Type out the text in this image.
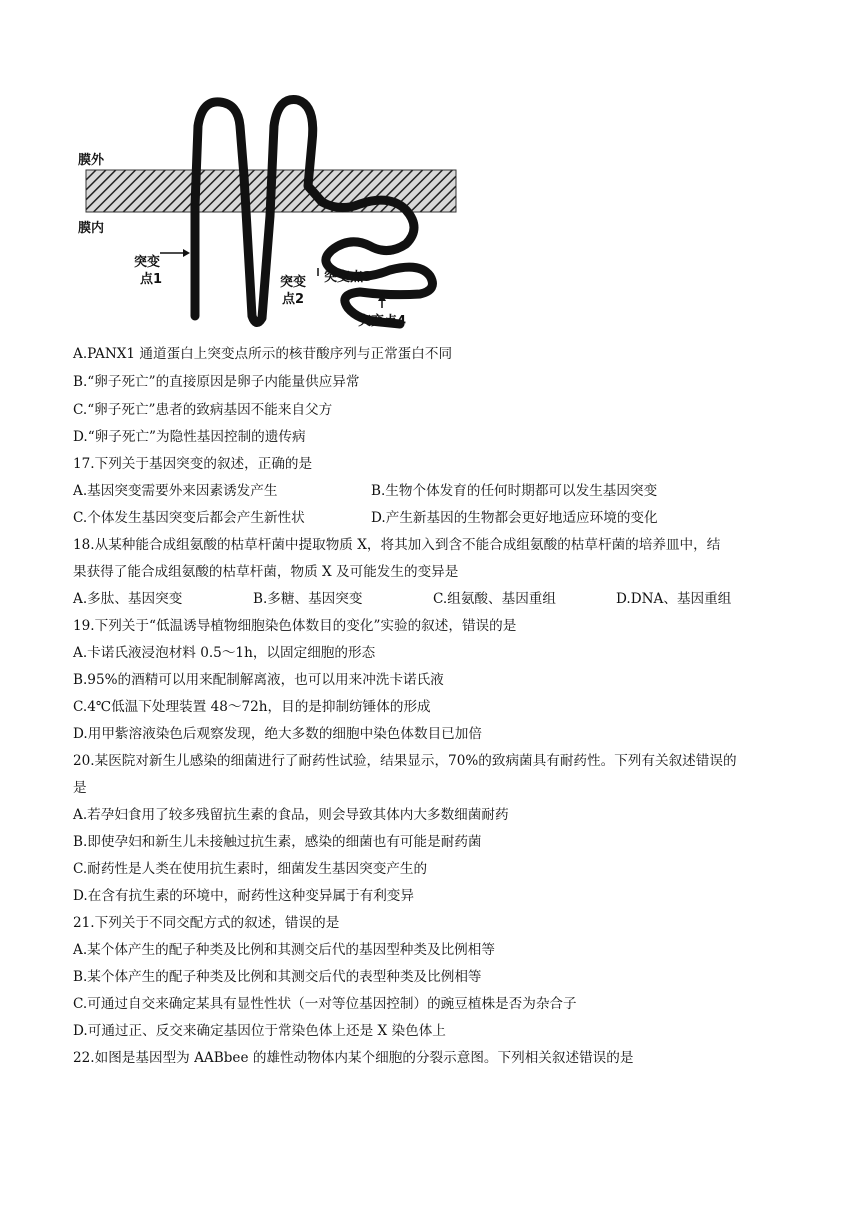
膜外
膜内
突变
点1	突变
点2
突变点3
突变点4
A.PANX1 通道蛋白上突变点所示的核苷酸序列与正常蛋白不同
B.“卵子死亡”的直接原因是卵子内能量供应异常
C.“卵子死亡”患者的致病基因不能来自父方
D.“卵子死亡”为隐性基因控制的遗传病
17.下列关于基因突变的叙述，正确的是
A.基因突变需要外来因素诱发产生	B.生物个体发育的任何时期都可以发生基因突变
C.个体发生基因突变后都会产生新性状	D.产生新基因的生物都会更好地适应环境的变化
18.从某种能合成组氨酸的枯草杆菌中提取物质 X，将其加入到含不能合成组氨酸的枯草杆菌的培养皿中，结
果获得了能合成组氨酸的枯草杆菌，物质 X 及可能发生的变异是
A.多肽、基因突变	B.多糖、基因突变	C.组氨酸、基因重组	D.DNA、基因重组
19.下列关于“低温诱导植物细胞染色体数目的变化”实验的叙述，错误的是
A.卡诺氏液浸泡材料 0.5～1h，以固定细胞的形态
B.95%的酒精可以用来配制解离液，也可以用来冲洗卡诺氏液
C.4℃低温下处理装置 48～72h，目的是抑制纺锤体的形成
D.用甲紫溶液染色后观察发现，绝大多数的细胞中染色体数目已加倍
20.某医院对新生儿感染的细菌进行了耐药性试验，结果显示，70%的致病菌具有耐药性。下列有关叙述错误的
是
A.若孕妇食用了较多残留抗生素的食品，则会导致其体内大多数细菌耐药
B.即使孕妇和新生儿未接触过抗生素，感染的细菌也有可能是耐药菌
C.耐药性是人类在使用抗生素时，细菌发生基因突变产生的
D.在含有抗生素的环境中，耐药性这种变异属于有利变异
21.下列关于不同交配方式的叙述，错误的是
A.某个体产生的配子种类及比例和其测交后代的基因型种类及比例相等
B.某个体产生的配子种类及比例和其测交后代的表型种类及比例相等
C.可通过自交来确定某具有显性性状（一对等位基因控制）的豌豆植株是否为杂合子
D.可通过正、反交来确定基因位于常染色体上还是 X 染色体上
22.如图是基因型为 AABbee 的雄性动物体内某个细胞的分裂示意图。下列相关叙述错误的是
